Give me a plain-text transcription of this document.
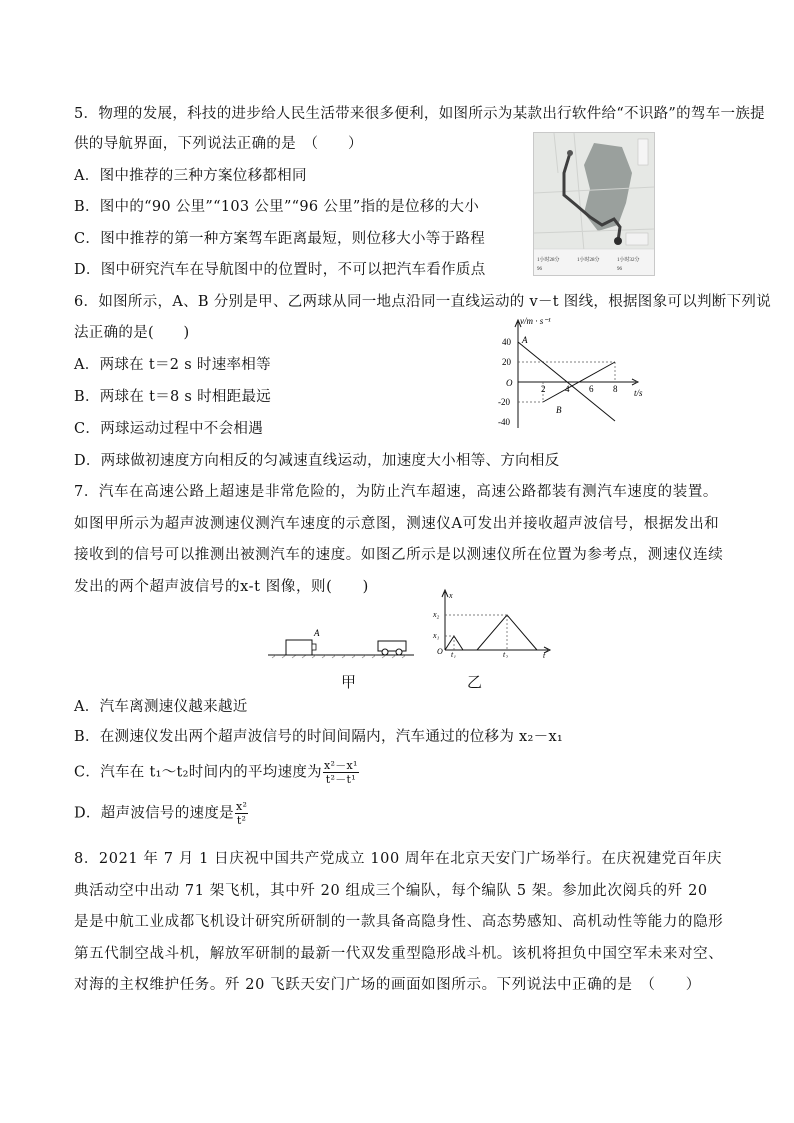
5．物理的发展，科技的进步给人民生活带来很多便利，如图所示为某款出行软件给“不识路”的驾车一族提
供的导航界面，下列说法正确的是　（　　）
A．图中推荐的三种方案位移都相同
B．图中的“90 公里”“103 公里”“96 公里”指的是位移的大小
C．图中推荐的第一种方案驾车距离最短，则位移大小等于路程
D．图中研究汽车在导航图中的位置时，不可以把汽车看作质点
1小时28分	1小时28分	1小时32分
96	96
6．如图所示，A、B 分别是甲、乙两球从同一地点沿同一直线运动的 v－t 图线，根据图象可以判断下列说
法正确的是(　　)
A．两球在 t＝2 s 时速率相等
B．两球在 t＝8 s 时相距最远
C．两球运动过程中不会相遇
D．两球做初速度方向相反的匀减速直线运动，加速度大小相等、方向相反
v/m · s⁻¹
t/s
A
B
O
40
20
-20
-40
2 4 6 8
7．汽车在高速公路上超速是非常危险的，为防止汽车超速，高速公路都装有测汽车速度的装置。如图甲所示为超声波测速仪测汽车速度的示意图，测速仪A可发出并接收超声波信号，根据发出和接收到的信号可以推测出被测汽车的速度。如图乙所示是以测速仪所在位置为参考点，测速仪连续发出的两个超声波信号的x-t 图像，则(　　)
A
甲
x
t
O
x₁
x₂
t₁	t₂
乙
A．汽车离测速仪越来越近
B．在测速仪发出两个超声波信号的时间间隔内，汽车通过的位移为 x₂－x₁
C．汽车在 t₁～t₂时间内的平均速度为 $\frac{\text{x²－x¹}}{\text{t²－t¹}}$
D．超声波信号的速度是 $\frac{\text{x²}}{\text{t²}}$
8．2021 年 7 月 1 日庆祝中国共产党成立 100 周年在北京天安门广场举行。在庆祝建党百年庆典活动空中出动 71 架飞机，其中歼 20 组成三个编队，每个编队 5 架。参加此次阅兵的歼 20 是是中航工业成都飞机设计研究所研制的一款具备高隐身性、高态势感知、高机动性等能力的隐形第五代制空战斗机，解放军研制的最新一代双发重型隐形战斗机。该机将担负中国空军未来对空、对海的主权维护任务。歼 20 飞跃天安门广场的画面如图所示。下列说法中正确的是　（　　）
